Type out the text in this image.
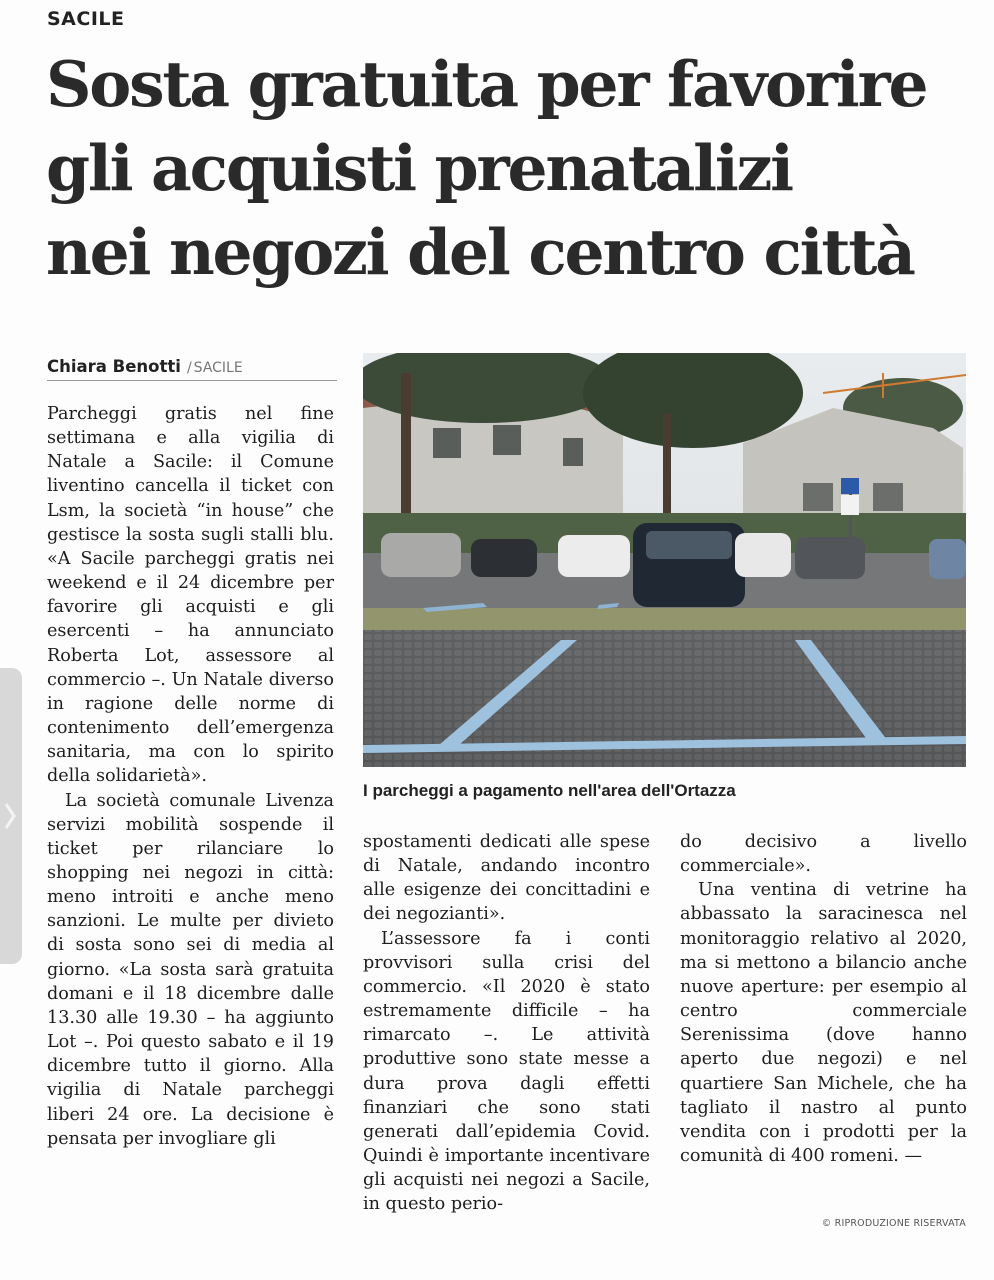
SACILE
Sosta gratuita per favorire
gli acquisti prenatalizi
nei negozi del centro città
Chiara Benotti / SACILE

Parcheggi gratis nel fine settimana e alla vigilia di Natale a Sacile: il Comune liventino cancella il ticket con Lsm, la società “in house” che gestisce la sosta sugli stalli blu. «A Sacile parcheggi gratis nei weekend e il 24 dicembre per favorire gli acquisti e gli esercenti – ha annunciato Roberta Lot, assessore al commercio –. Un Natale diverso in ragione delle norme di contenimento dell’emergenza sanitaria, ma con lo spirito della solidarietà».

La società comunale Livenza servizi mobilità sospende il ticket per rilanciare lo shopping nei negozi in città: meno introiti e anche meno sanzioni. Le multe per divieto di sosta sono sei di media al giorno. «La sosta sarà gratuita domani e il 18 dicembre dalle 13.30 alle 19.30 – ha aggiunto Lot –. Poi questo sabato e il 19 dicembre tutto il giorno. Alla vigilia di Natale parcheggi liberi 24 ore. La decisione è pensata per invogliare gli

I parcheggi a pagamento nell'area dell'Ortazza

spostamenti dedicati alle spese di Natale, andando incontro alle esigenze dei concittadini e dei negozianti».

L’assessore fa i conti provvisori sulla crisi del commercio. «Il 2020 è stato estremamente difficile – ha rimarcato –. Le attività produttive sono state messe a dura prova dagli effetti finanziari che sono stati generati dall’epidemia Covid. Quindi è importante incentivare gli acquisti nei negozi a Sacile, in questo perio-

do decisivo a livello commerciale».

Una ventina di vetrine ha abbassato la saracinesca nel monitoraggio relativo al 2020, ma si mettono a bilancio anche nuove aperture: per esempio al centro commerciale Serenissima (dove hanno aperto due negozi) e nel quartiere San Michele, che ha tagliato il nastro al punto vendita con i prodotti per la comunità di 400 romeni. —

© RIPRODUZIONE RISERVATA
